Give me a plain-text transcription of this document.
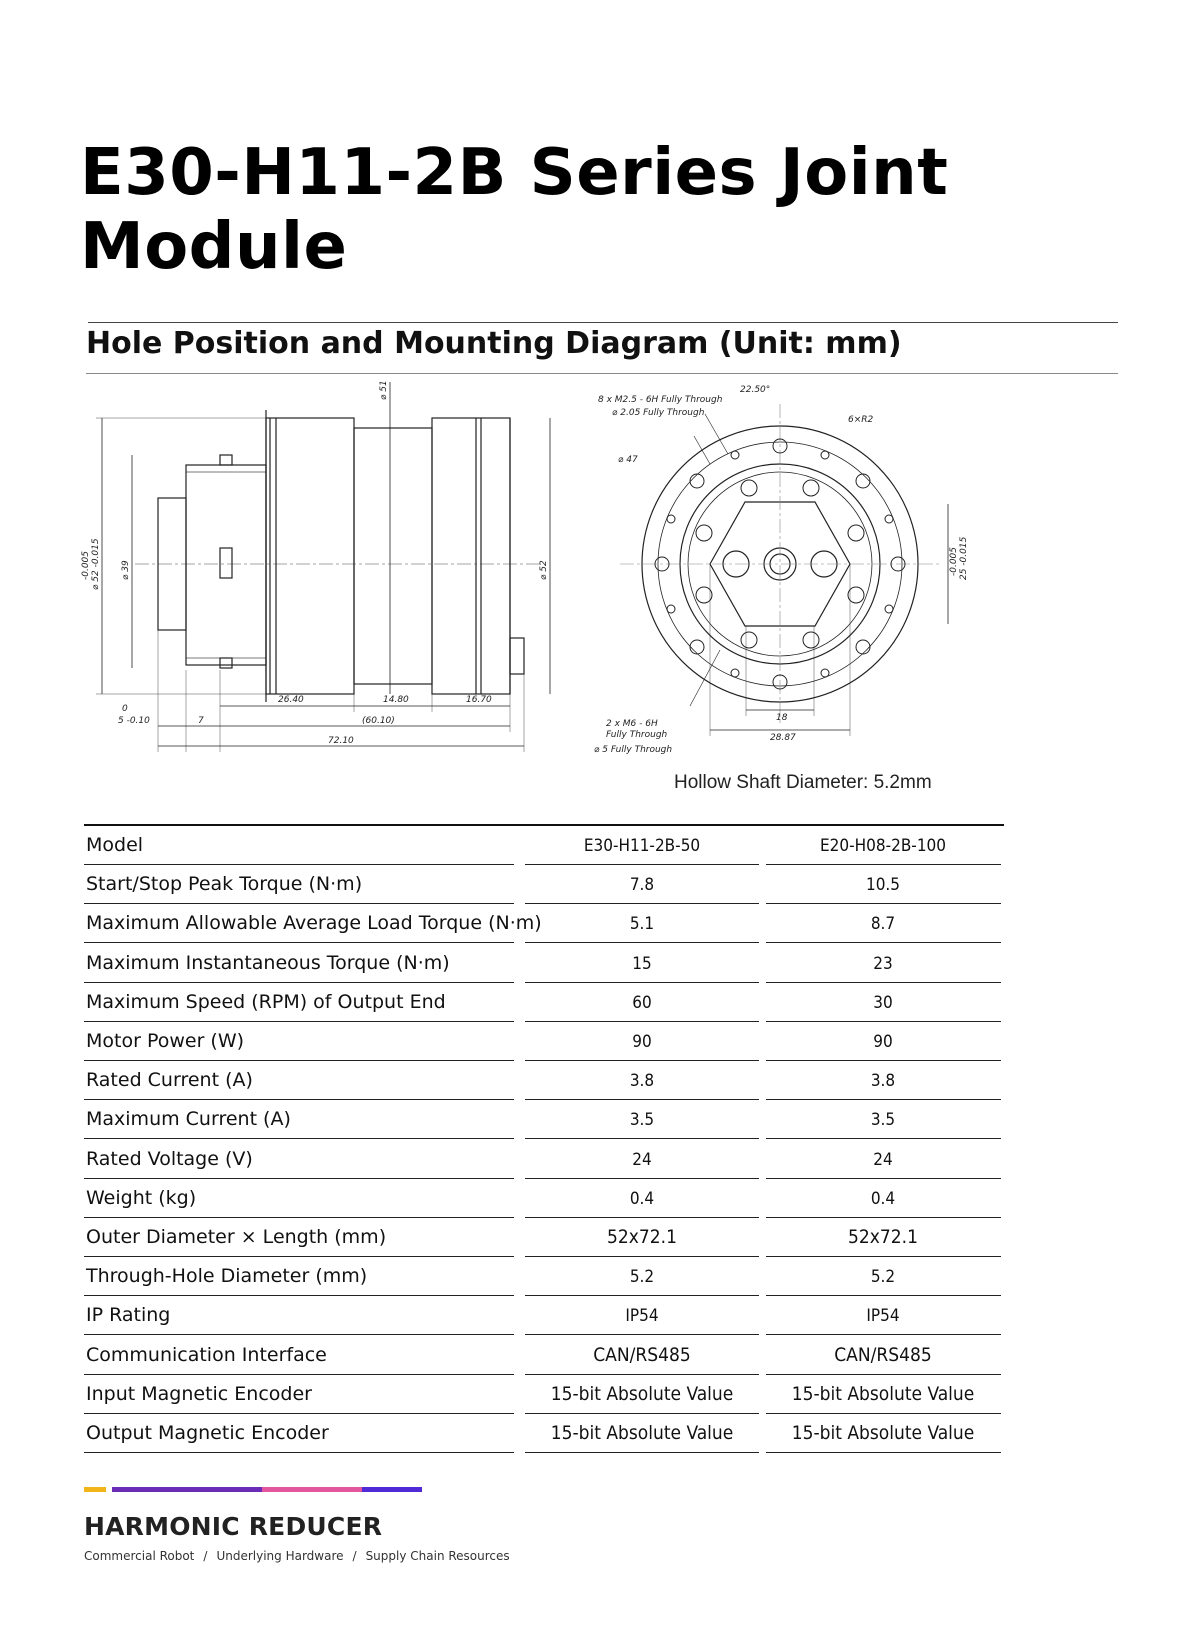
E30-H11-2B Series Joint Module
Hole Position and Mounting Diagram (Unit: mm)
⌀ 51
-0.005 ⌀ 52 -0.015 ⌀ 39	⌀ 52
26.40	14.80	16.70
(60.10)
72.10
7
0
5 -0.10
8 x M2.5 - 6H Fully Through
⌀ 2.05 Fully Through
22.50°
6×R2
⌀ 47
-0.005 25 -0.015
2 x M6 - 6H
Fully Through
⌀ 5 Fully Through
18
28.87
Hollow Shaft Diameter: 5.2mm
Model	E30-H11-2B-50	E20-H08-2B-100
Start/Stop Peak Torque (N·m)	7.8	10.5
Maximum Allowable Average Load Torque (N·m)	5.1	8.7
Maximum Instantaneous Torque (N·m)	15	23
Maximum Speed (RPM) of Output End	60	30
Motor Power (W)	90	90
Rated Current (A)	3.8	3.8
Maximum Current (A)	3.5	3.5
Rated Voltage (V)	24	24
Weight (kg)	0.4	0.4
Outer Diameter × Length (mm)	52x72.1	52x72.1
Through-Hole Diameter (mm)	5.2	5.2
IP Rating	IP54	IP54
Communication Interface	CAN/RS485	CAN/RS485
Input Magnetic Encoder	15-bit Absolute Value	15-bit Absolute Value
Output Magnetic Encoder	15-bit Absolute Value	15-bit Absolute Value
HARMONIC REDUCER
Commercial Robot / Underlying Hardware / Supply Chain Resources
